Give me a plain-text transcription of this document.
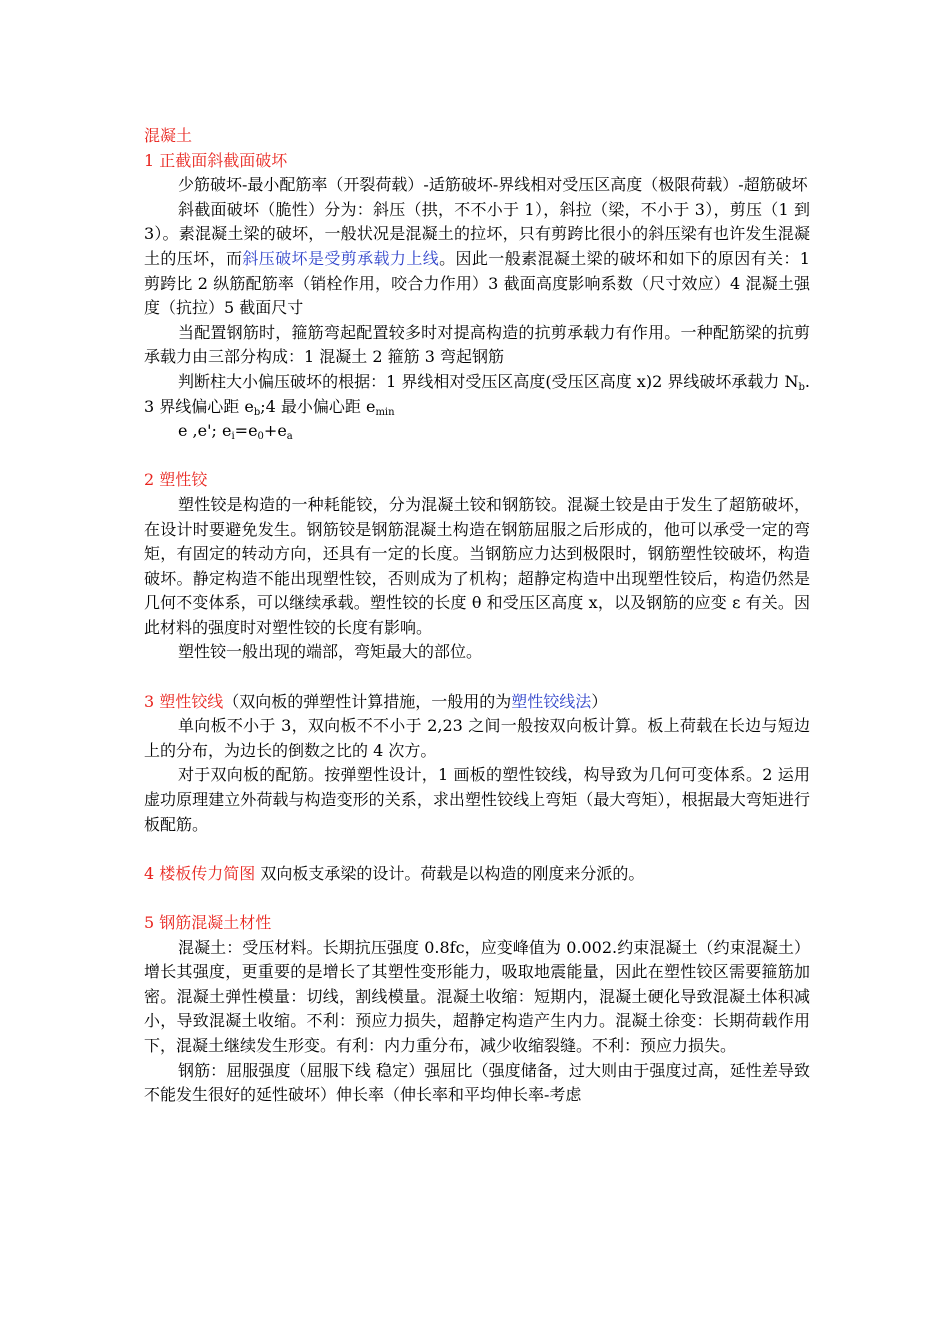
混凝土

1 正截面斜截面破坏

少筋破坏-最小配筋率（开裂荷载）-适筋破坏-界线相对受压区高度（极限荷载）-超筋破坏

斜截面破坏（脆性）分为：斜压（拱，不不小于 1），斜拉（梁，不小于 3），剪压（1 到 3）。素混凝土梁的破坏，一般状况是混凝土的拉坏，只有剪跨比很小的斜压梁有也许发生混凝土的压坏，而斜压破坏是受剪承载力上线。因此一般素混凝土梁的破坏和如下的原因有关：1 剪跨比 2 纵筋配筋率（销栓作用，咬合力作用）3 截面高度影响系数（尺寸效应）4 混凝土强度（抗拉）5 截面尺寸

当配置钢筋时，箍筋弯起配置较多时对提高构造的抗剪承载力有作用。一种配筋梁的抗剪承载力由三部分构成：1 混凝土 2 箍筋 3 弯起钢筋

判断柱大小偏压破坏的根据：1 界线相对受压区高度(受压区高度 x)2 界线破坏承载力 $N_b$. 3 界线偏心距 $e_b;4$ 最小偏心距 $e_{min}$

e ,e'; $e_i=e_0+e_a$

2 塑性铰

塑性铰是构造的一种耗能铰，分为混凝土铰和钢筋铰。混凝土铰是由于发生了超筋破坏，在设计时要避免发生。钢筋铰是钢筋混凝土构造在钢筋屈服之后形成的，他可以承受一定的弯矩，有固定的转动方向，还具有一定的长度。当钢筋应力达到极限时，钢筋塑性铰破坏，构造破坏。静定构造不能出现塑性铰，否则成为了机构；超静定构造中出现塑性铰后，构造仍然是几何不变体系，可以继续承载。塑性铰的长度 θ 和受压区高度 x，以及钢筋的应变 ε 有关。因此材料的强度时对塑性铰的长度有影响。

塑性铰一般出现的端部，弯矩最大的部位。

3 塑性铰线（双向板的弹塑性计算措施，一般用的为塑性铰线法）

单向板不小于 3，双向板不不小于 2,23 之间一般按双向板计算。板上荷载在长边与短边上的分布，为边长的倒数之比的 4 次方。

对于双向板的配筋。按弹塑性设计，1 画板的塑性铰线，构导致为几何可变体系。2 运用虚功原理建立外荷载与构造变形的关系，求出塑性铰线上弯矩（最大弯矩），根据最大弯矩进行板配筋。

4 楼板传力简图 双向板支承梁的设计。荷载是以构造的刚度来分派的。

5 钢筋混凝土材性

混凝土：受压材料。长期抗压强度 0.8fc，应变峰值为 0.002.约束混凝土（约束混凝土）增长其强度，更重要的是增长了其塑性变形能力，吸取地震能量，因此在塑性铰区需要箍筋加密。混凝土弹性模量：切线，割线模量。混凝土收缩：短期内，混凝土硬化导致混凝土体积减小，导致混凝土收缩。不利：预应力损失，超静定构造产生内力。混凝土徐变：长期荷载作用下，混凝土继续发生形变。有利：内力重分布，减少收缩裂缝。不利：预应力损失。

钢筋：屈服强度（屈服下线 稳定）强屈比（强度储备，过大则由于强度过高，延性差导致不能发生很好的延性破坏）伸长率（伸长率和平均伸长率-考虑
